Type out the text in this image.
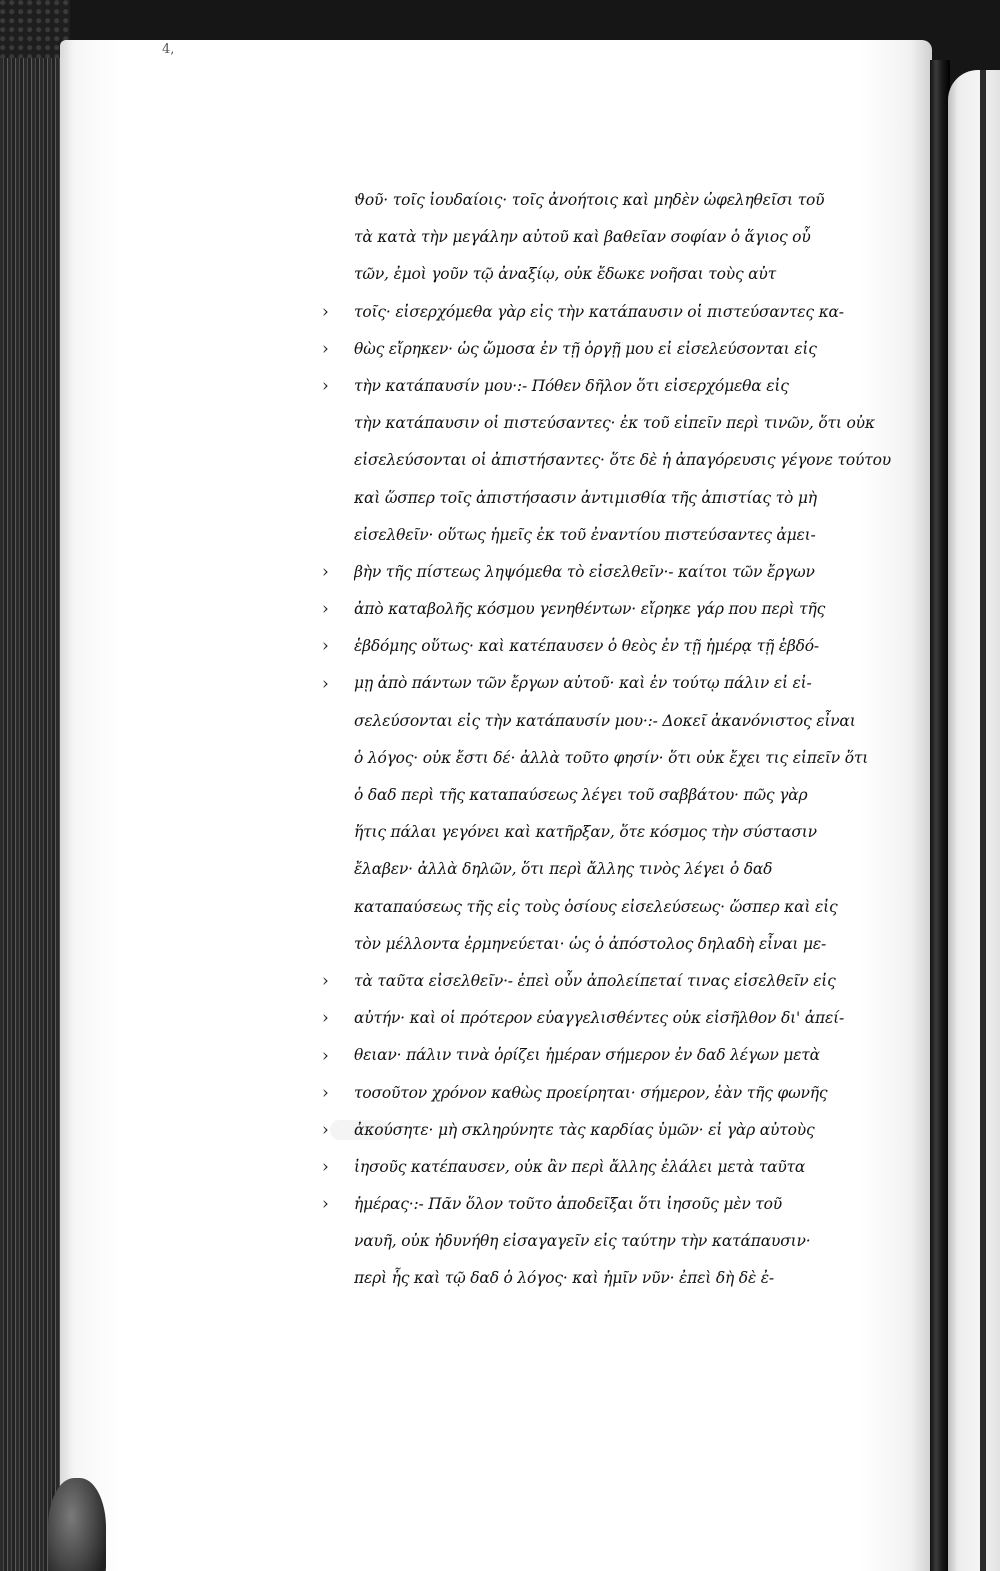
4,
›
›
›
›
›
›
›
›
›
›
›
›
›
›
ϑοῦ· τοῖς ἰουδαίοις· τοῖς ἀνοήτοις καὶ μηδὲν ὠφεληθεῖσι τοῦ
τὰ κατὰ τὴν μεγάλην αὐτοῦ καὶ βαθεῖαν σοφίαν ὁ ἅγιος οὗ
τῶν, ἐμοὶ γοῦν τῷ ἀναξίῳ, οὐκ ἔδωκε νοῆσαι τοὺς αὐτ
τοῖς· εἰσερχόμεθα γὰρ εἰς τὴν κατάπαυσιν οἱ πιστεύσαντες κα-
θὼς εἴρηκεν· ὡς ὤμοσα ἐν τῇ ὀργῇ μου εἰ εἰσελεύσονται εἰς
τὴν κατάπαυσίν μου·:- Πόθεν δῆλον ὅτι εἰσερχόμεθα εἰς
τὴν κατάπαυσιν οἱ πιστεύσαντες· ἐκ τοῦ εἰπεῖν περὶ τινῶν, ὅτι οὐκ
εἰσελεύσονται οἱ ἀπιστήσαντες· ὅτε δὲ ἡ ἀπαγόρευσις γέγονε τούτου
καὶ ὥσπερ τοῖς ἀπιστήσασιν ἀντιμισθία τῆς ἀπιστίας τὸ μὴ
εἰσελθεῖν· οὕτως ἡμεῖς ἐκ τοῦ ἐναντίου πιστεύσαντες ἀμει-
βὴν τῆς πίστεως ληψόμεθα τὸ εἰσελθεῖν·- καίτοι τῶν ἔργων
ἀπὸ καταβολῆς κόσμου γενηθέντων· εἴρηκε γάρ που περὶ τῆς
ἑβδόμης οὕτως· καὶ κατέπαυσεν ὁ θεὸς ἐν τῇ ἡμέρᾳ τῇ ἑβδό-
μῃ ἀπὸ πάντων τῶν ἔργων αὐτοῦ· καὶ ἐν τούτῳ πάλιν εἰ εἰ-
σελεύσονται εἰς τὴν κατάπαυσίν μου·:- Δοκεῖ ἀκανόνιστος εἶναι
ὁ λόγος· οὐκ ἔστι δέ· ἀλλὰ τοῦτο φησίν· ὅτι οὐκ ἔχει τις εἰπεῖν ὅτι
ὁ δαδ περὶ τῆς καταπαύσεως λέγει τοῦ σαββάτου· πῶς γὰρ
ἥτις πάλαι γεγόνει καὶ κατῆρξαν, ὅτε κόσμος τὴν σύστασιν
ἔλαβεν· ἀλλὰ δηλῶν, ὅτι περὶ ἄλλης τινὸς λέγει ὁ δαδ
καταπαύσεως τῆς εἰς τοὺς ὁσίους εἰσελεύσεως· ὥσπερ καὶ εἰς
τὸν μέλλοντα ἐρμηνεύεται· ὡς ὁ ἀπόστολος δηλαδὴ εἶναι με-
τὰ ταῦτα εἰσελθεῖν·- ἐπεὶ οὖν ἀπολείπεταί τινας εἰσελθεῖν εἰς
αὐτήν· καὶ οἱ πρότερον εὐαγγελισθέντες οὐκ εἰσῆλθον δι' ἀπεί-
θειαν· πάλιν τινὰ ὁρίζει ἡμέραν σήμερον ἐν δαδ λέγων μετὰ
τοσοῦτον χρόνον καθὼς προείρηται· σήμερον, ἐὰν τῆς φωνῆς
ἀκούσητε· μὴ σκληρύνητε τὰς καρδίας ὑμῶν· εἰ γὰρ αὐτοὺς
ἰησοῦς κατέπαυσεν, οὐκ ἂν περὶ ἄλλης ἐλάλει μετὰ ταῦτα
ἡμέρας·:- Πᾶν ὅλον τοῦτο ἀποδεῖξαι ὅτι ἰησοῦς μὲν τοῦ
ναυῆ, οὐκ ἠδυνήθη εἰσαγαγεῖν εἰς ταύτην τὴν κατάπαυσιν·
περὶ ἧς καὶ τῷ δαδ ὁ λόγος· καὶ ἡμῖν νῦν· ἐπεὶ δὴ δὲ ἐ-
